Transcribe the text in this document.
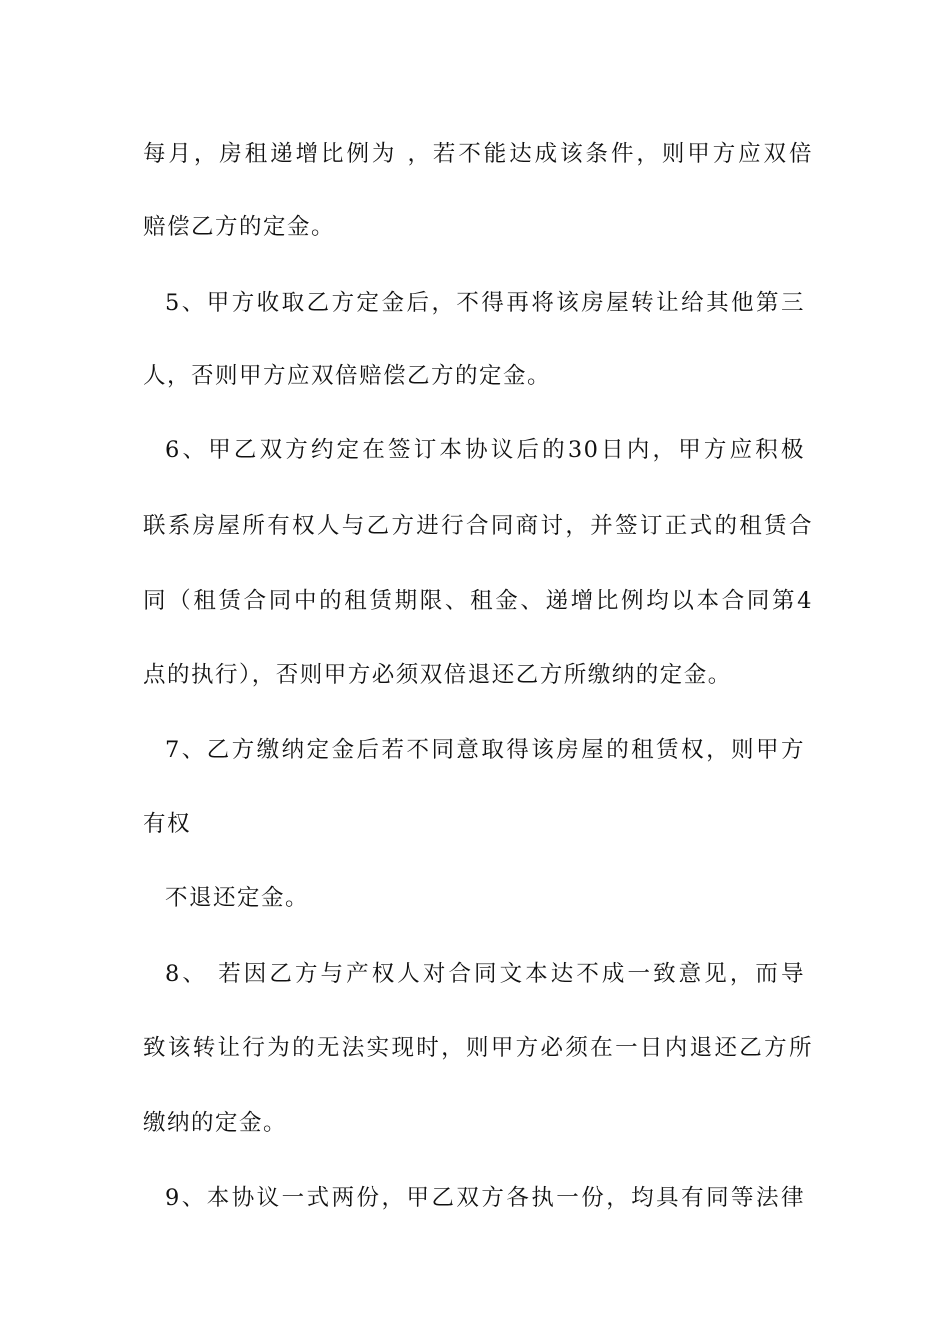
每月，房租递增比例为 ，若不能达成该条件，则甲方应双倍
赔偿乙方的定金。
5、甲方收取乙方定金后，不得再将该房屋转让给其他第三
人，否则甲方应双倍赔偿乙方的定金。
6、甲乙双方约定在签订本协议后的30日内，甲方应积极
联系房屋所有权人与乙方进行合同商讨，并签订正式的租赁合
同（租赁合同中的租赁期限、租金、递增比例均以本合同第4
点的执行），否则甲方必须双倍退还乙方所缴纳的定金。
7、乙方缴纳定金后若不同意取得该房屋的租赁权，则甲方
有权
不退还定金。
8、 若因乙方与产权人对合同文本达不成一致意见，而导
致该转让行为的无法实现时，则甲方必须在一日内退还乙方所
缴纳的定金。
9、本协议一式两份，甲乙双方各执一份，均具有同等法律
